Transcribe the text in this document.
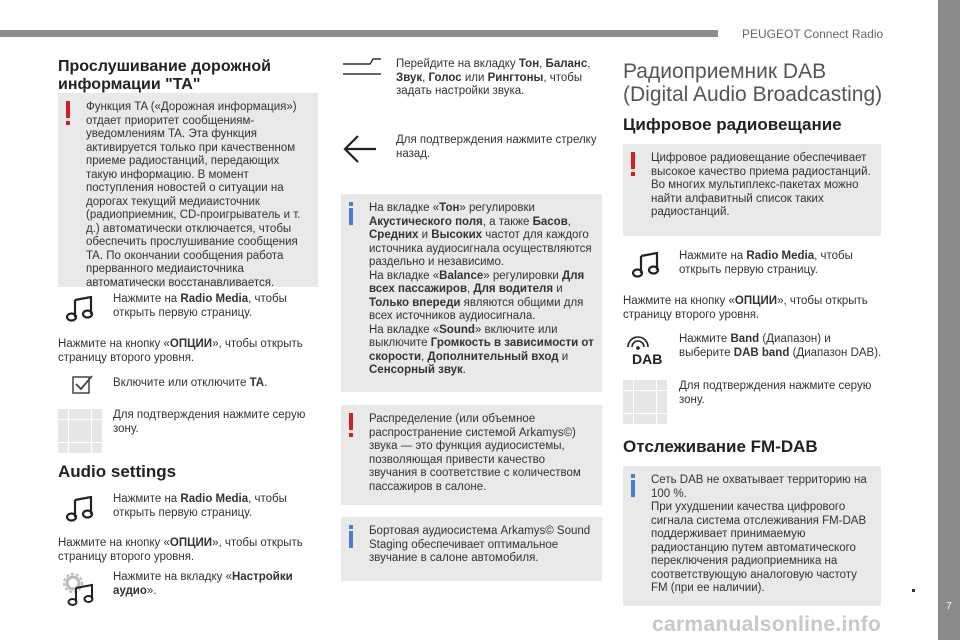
PEUGEOT Connect Radio
7
Прослушивание дорожной информации "TA"
Функция TA («Дорожная информация») отдает приоритет сообщениям-уведомлениям TA. Эта функция активируется только при качественном приеме радиостанций, передающих такую информацию. В момент поступления новостей о ситуации на дорогах текущий медиаисточник (радиоприемник, CD-проигрыватель и т. д.) автоматически отключается, чтобы обеспечить прослушивание сообщения TA. По окончании сообщения работа прерванного медиаисточника автоматически восстанавливается.
Нажмите на Radio Media, чтобы открыть первую страницу.
Нажмите на кнопку «ОПЦИИ», чтобы открыть страницу второго уровня.
Включите или отключите TA.
Для подтверждения нажмите серую зону.
Audio settings
Нажмите на Radio Media, чтобы открыть первую страницу.
Нажмите на кнопку «ОПЦИИ», чтобы открыть страницу второго уровня.
Нажмите на вкладку «Настройки аудио».
Перейдите на вкладку Тон, Баланс, Звук, Голос или Рингтоны, чтобы задать настройки звука.
Для подтверждения нажмите стрелку назад.
На вкладке «Тон» регулировки Акустического поля, а также Басов, Средних и Высоких частот для каждого источника аудиосигнала осуществляются раздельно и независимо.
На вкладке «Balance» регулировки Для всех пассажиров, Для водителя и Только впереди являются общими для всех источников аудиосигнала.
На вкладке «Sound» включите или выключите Громкость в зависимости от скорости, Дополнительный вход и Сенсорный звук.
Распределение (или объемное распространение системой Arkamys©) звука — это функция аудиосистемы, позволяющая привести качество звучания в соответствие с количеством пассажиров в салоне.
Бортовая аудиосистема Arkamys© Sound Staging обеспечивает оптимальное звучание в салоне автомобиля.
Радиоприемник DAB
(Digital Audio Broadcasting)
Цифровое радиовещание
Цифровое радиовещание обеспечивает высокое качество приема радиостанций. Во многих мультиплекс-пакетах можно найти алфавитный список таких радиостанций.
Нажмите на Radio Media, чтобы открыть первую страницу.
Нажмите на кнопку «ОПЦИИ», чтобы открыть страницу второго уровня.
DAB
Нажмите Band (Диапазон) и выберите DAB band (Диапазон DAB).
Для подтверждения нажмите серую зону.
Отслеживание FM-DAB
Сеть DAB не охватывает территорию на 100 %.
При ухудшении качества цифрового сигнала система отслеживания FM-DAB поддерживает принимаемую радиостанцию путем автоматического переключения радиоприемника на соответствующую аналоговую частоту FM (при ее наличии).
carmanualsonline.info
